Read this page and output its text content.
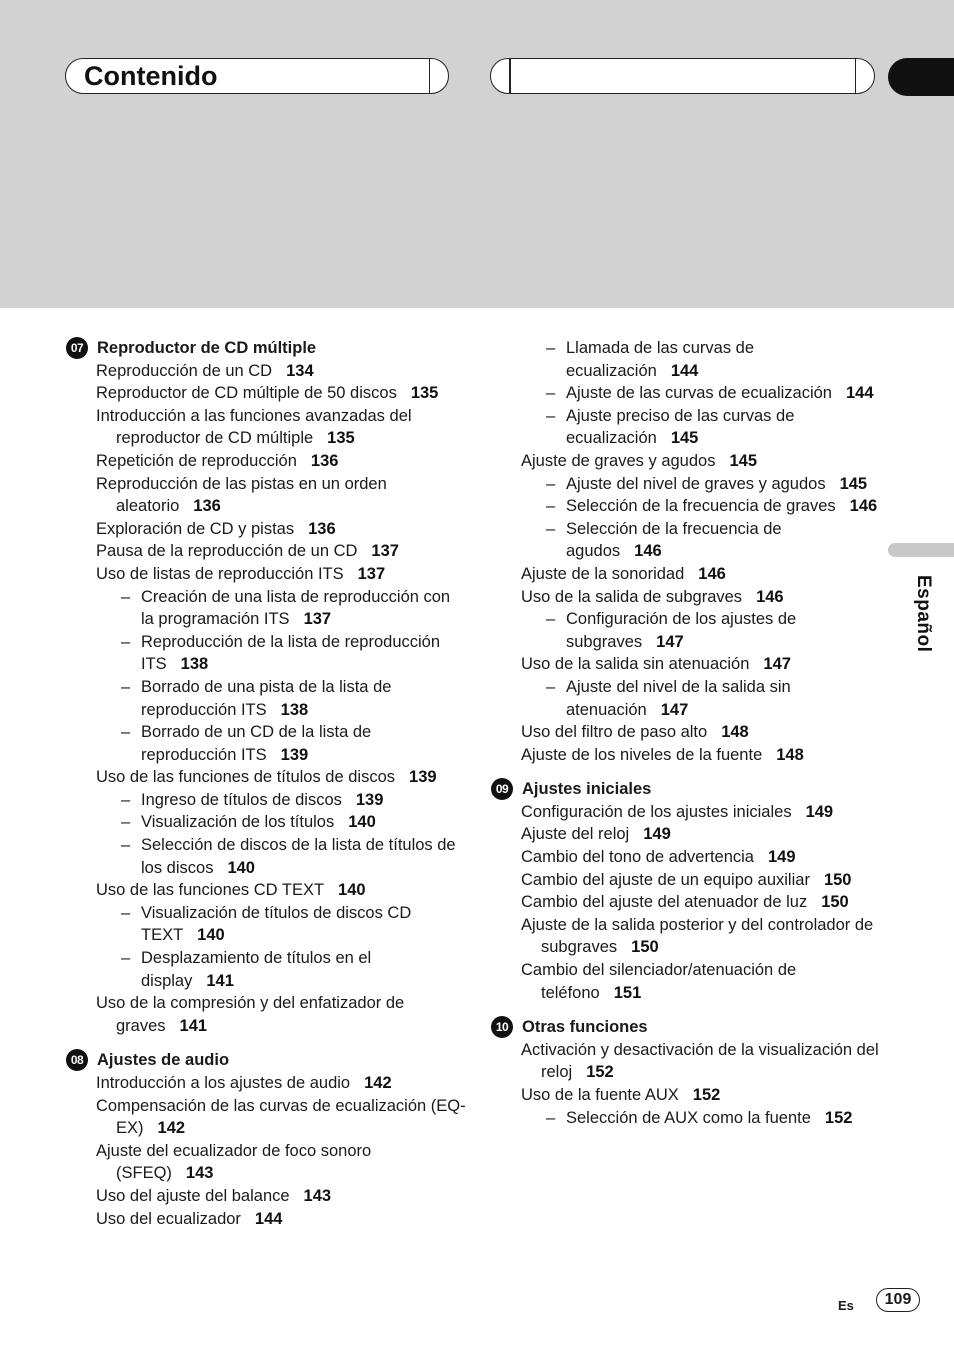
Contenido
Español
07 Reproductor de CD múltiple
Reproducción de un CD 134
Reproductor de CD múltiple de 50 discos 135
Introducción a las funciones avanzadas del reproductor de CD múltiple 135
Repetición de reproducción 136
Reproducción de las pistas en un orden aleatorio 136
Exploración de CD y pistas 136
Pausa de la reproducción de un CD 137
Uso de listas de reproducción ITS 137
– Creación de una lista de reproducción con la programación ITS 137
– Reproducción de la lista de reproducción ITS 138
– Borrado de una pista de la lista de reproducción ITS 138
– Borrado de un CD de la lista de reproducción ITS 139
Uso de las funciones de títulos de discos 139
– Ingreso de títulos de discos 139
– Visualización de los títulos 140
– Selección de discos de la lista de títulos de los discos 140
Uso de las funciones CD TEXT 140
– Visualización de títulos de discos CD TEXT 140
– Desplazamiento de títulos en el display 141
Uso de la compresión y del enfatizador de graves 141
08 Ajustes de audio
Introducción a los ajustes de audio 142
Compensación de las curvas de ecualización (EQ-EX) 142
Ajuste del ecualizador de foco sonoro (SFEQ) 143
Uso del ajuste del balance 143
Uso del ecualizador 144
– Llamada de las curvas de ecualización 144
– Ajuste de las curvas de ecualización 144
– Ajuste preciso de las curvas de ecualización 145
Ajuste de graves y agudos 145
– Ajuste del nivel de graves y agudos 145
– Selección de la frecuencia de graves 146
– Selección de la frecuencia de agudos 146
Ajuste de la sonoridad 146
Uso de la salida de subgraves 146
– Configuración de los ajustes de subgraves 147
Uso de la salida sin atenuación 147
– Ajuste del nivel de la salida sin atenuación 147
Uso del filtro de paso alto 148
Ajuste de los niveles de la fuente 148
09 Ajustes iniciales
Configuración de los ajustes iniciales 149
Ajuste del reloj 149
Cambio del tono de advertencia 149
Cambio del ajuste de un equipo auxiliar 150
Cambio del ajuste del atenuador de luz 150
Ajuste de la salida posterior y del controlador de subgraves 150
Cambio del silenciador/atenuación de teléfono 151
10 Otras funciones
Activación y desactivación de la visualización del reloj 152
Uso de la fuente AUX 152
– Selección de AUX como la fuente 152
Es	109
